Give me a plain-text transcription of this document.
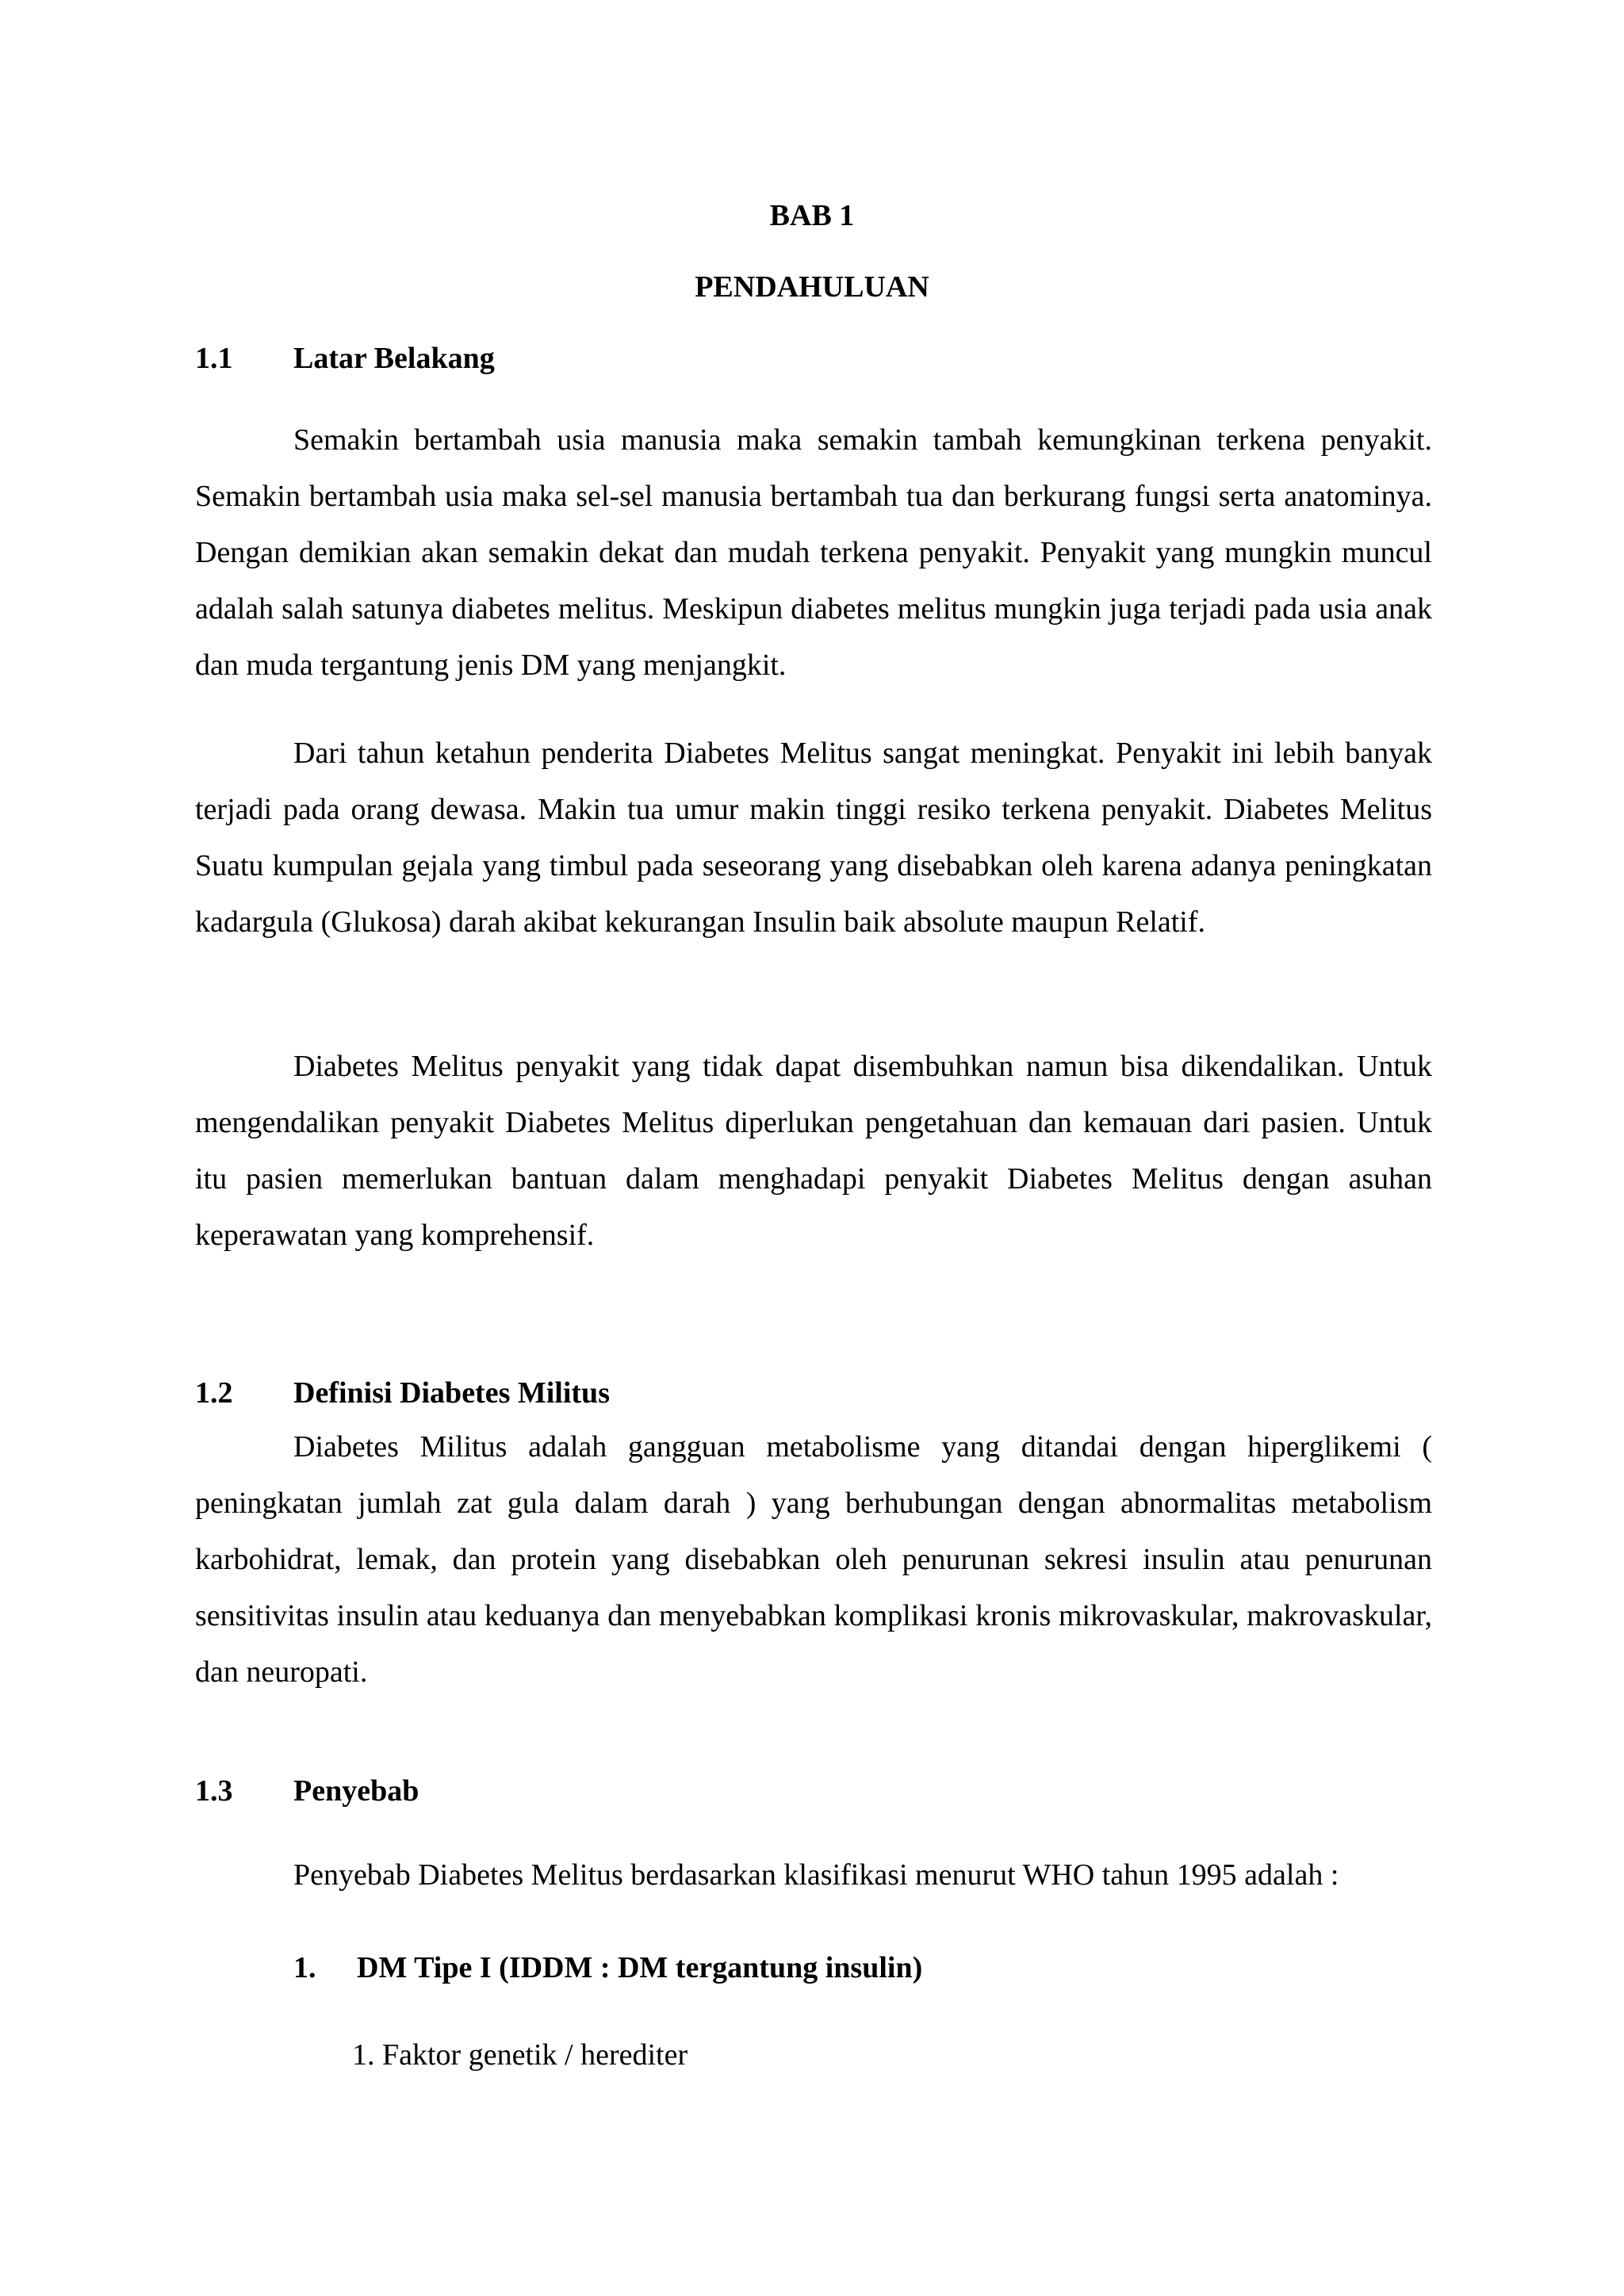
BAB 1

PENDAHULUAN

1.1 Latar Belakang

Semakin bertambah usia manusia maka semakin tambah kemungkinan terkena penyakit. Semakin bertambah usia maka sel-sel manusia bertambah tua dan berkurang fungsi serta anatominya. Dengan demikian akan semakin dekat dan mudah terkena penyakit. Penyakit yang mungkin muncul adalah salah satunya diabetes melitus. Meskipun diabetes melitus mungkin juga terjadi pada usia anak dan muda tergantung jenis DM yang menjangkit.

Dari tahun ketahun penderita Diabetes Melitus sangat meningkat. Penyakit ini lebih banyak terjadi pada orang dewasa. Makin tua umur makin tinggi resiko terkena penyakit. Diabetes Melitus Suatu kumpulan gejala yang timbul pada seseorang yang disebabkan oleh karena adanya peningkatan kadargula (Glukosa) darah akibat kekurangan Insulin baik absolute maupun Relatif.

Diabetes Melitus penyakit yang tidak dapat disembuhkan namun bisa dikendalikan. Untuk mengendalikan penyakit Diabetes Melitus diperlukan pengetahuan dan kemauan dari pasien. Untuk itu pasien memerlukan bantuan dalam menghadapi penyakit Diabetes Melitus dengan asuhan keperawatan yang komprehensif.

1.2 Definisi Diabetes Militus

Diabetes Militus adalah gangguan metabolisme yang ditandai dengan hiperglikemi ( peningkatan jumlah zat gula dalam darah ) yang berhubungan dengan abnormalitas metabolism karbohidrat, lemak, dan protein yang disebabkan oleh penurunan sekresi insulin atau penurunan sensitivitas insulin atau keduanya dan menyebabkan komplikasi kronis mikrovaskular, makrovaskular, dan neuropati.

1.3 Penyebab

Penyebab Diabetes Melitus berdasarkan klasifikasi menurut WHO tahun 1995 adalah :

1. DM Tipe I (IDDM : DM tergantung insulin)

1. Faktor genetik / herediter
